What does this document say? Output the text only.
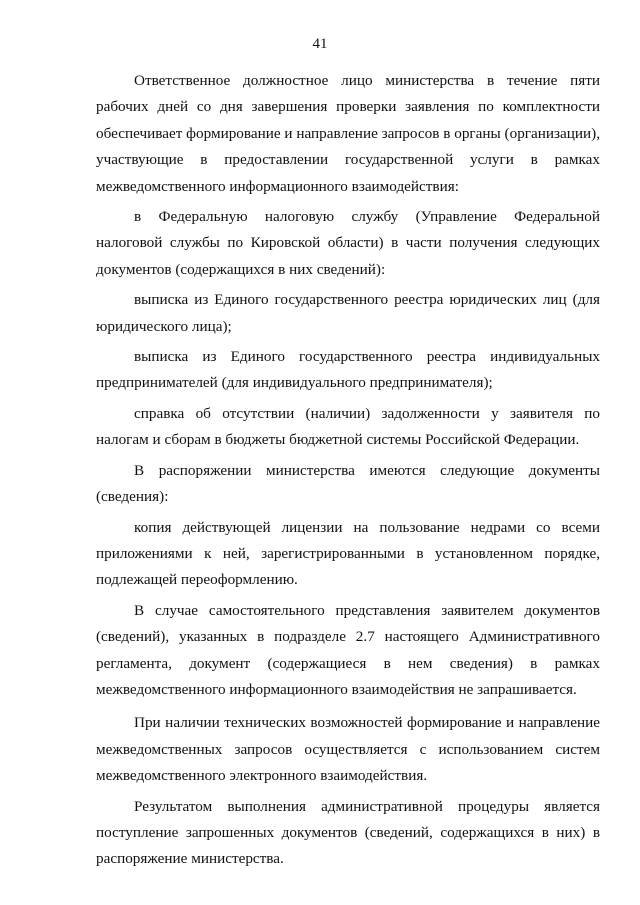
41

Ответственное должностное лицо министерства в течение пяти рабочих дней со дня завершения проверки заявления по комплектности обеспечивает формирование и направление запросов в органы (организации), участвующие в предоставлении государственной услуги в рамках межведомственного информационного взаимодействия:

в Федеральную налоговую службу (Управление Федеральной налоговой службы по Кировской области) в части получения следующих документов (содержащихся в них сведений):

выписка из Единого государственного реестра юридических лиц (для юридического лица);

выписка из Единого государственного реестра индивидуальных предпринимателей (для индивидуального предпринимателя);

справка об отсутствии (наличии) задолженности у заявителя по налогам и сборам в бюджеты бюджетной системы Российской Федерации.

В распоряжении министерства имеются следующие документы (сведения):

копия действующей лицензии на пользование недрами со всеми приложениями к ней, зарегистрированными в установленном порядке, подлежащей переоформлению.

В случае самостоятельного представления заявителем документов (сведений), указанных в подразделе 2.7 настоящего Административного регламента, документ (содержащиеся в нем сведения) в рамках межведомственного информационного взаимодействия не запрашивается.

При наличии технических возможностей формирование и направление межведомственных запросов осуществляется с использованием систем межведомственного электронного взаимодействия.

Результатом выполнения административной процедуры является поступление запрошенных документов (сведений, содержащихся в них) в распоряжение министерства.
